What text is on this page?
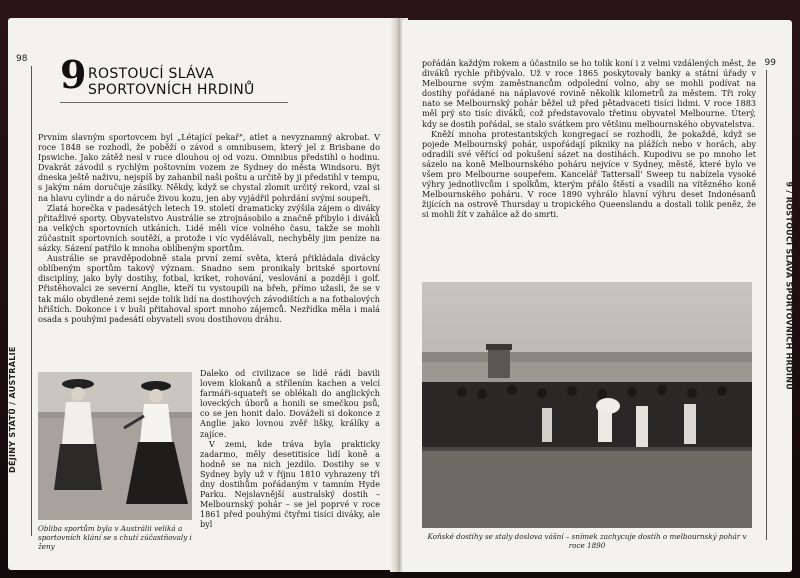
98
DĚJINY STÁTŮ / AUSTRÁLIE
9 ROSTOUCÍ SLÁVA
SPORTOVNÍCH HRDINŮ

Prvním slavným sportovcem byl „Létající pekař", atlet a nevyznamný akrobat. V roce 1848 se rozhodl, že poběží o závod s omnibusem, který jel z Brisbane do Ipswiche. Jako zátěž nesl v ruce dlouhou oj od vozu. Omnibus předstihl o hodinu. Dvakrát závodil s rychlým poštovním vozem ze Sydney do města Windsoru. Být dneska ještě naživu, nejspíš by zahanbil naši poštu a určitě by ji předstihl v tempu, s jakým nám doručuje zásilky. Někdy, když se chystal zlomit určitý rekord, vzal si na hlavu cylindr a do náruče živou kozu, jen aby vyjádřil pohrdání svými soupeři.

Zlatá horečka v padesátých letech 19. století dramaticky zvýšila zájem o diváky přitažlivé sporty. Obyvatelstvo Austrálie se ztrojnásobilo a značně přibylo i diváků na velkých sportovních utkáních. Lidé měli více volného času, takže se mohli zúčastnit sportovních soutěží, a protože i víc vydělávali, nechyběly jim peníze na sázky. Sázení patřilo k mnoha oblíbeným sportům.

Austrálie se pravděpodobně stala první zemí světa, která přikládala divácky oblíbeným sportům takový význam. Snadno sem pronikaly britské sportovní disciplíny, jako byly dostihy, fotbal, kriket, rohování, veslování a později i golf. Přistěhovalci ze severní Anglie, kteří tu vystoupili na břeh, přímo užasli, že se v tak málo obydlené zemi sejde tolik lidí na dostihových závodištích a na fotbalových hřištích. Dokonce i v buši přitahoval sport mnoho zájemců. Nezřídka měla i malá osada s pouhými padesáti obyvateli svou dostihovou dráhu.

Obliba sportům byla v Austrálii veliká a sportovních klání se s chutí zúčastňovaly i ženy

Daleko od civilizace se lidé rádi bavili lovem klokanů a střílením kachen a velcí farmáři-squateři se oblékali do anglických loveckých úborů a honili se smečkou psů, co se jen honit dalo. Dováželi si dokonce z Anglie jako lovnou zvěř lišky, králíky a zajíce.

V zemi, kde tráva byla prakticky zadarmo, měly desetitisíce lidí koně a hodně se na nich jezdilo. Dostihy se v Sydney byly už v říjnu 1810 vyhrazeny tři dny dostihům pořádaným v tamním Hyde Parku. Nejslavnější australský dostih – Melbournský pohár – se jel poprvé v roce 1861 před pouhými čtyřmi tisíci diváky, ale byl

99
9 / ROSTOUCÍ SLÁVA SPORTOVNÍCH HRDINŮ

pořádán každým rokem a účastnilo se ho tolik koní i z velmi vzdálených měst, že diváků rychle přibývalo. Už v roce 1865 poskytovaly banky a státní úřady v Melbourne svým zaměstnancům odpolední volno, aby se mohli podívat na dostihy pořádané na náplavové rovině několik kilometrů za městem. Tři roky nato se Melbournský pohár běžel už před pětadvaceti tisíci lidmi. V roce 1883 měl prý sto tisíc diváků, což představovalo třetinu obyvatel Melbourne. Úterý, kdy se dostih pořádal, se stalo svátkem pro většinu melbournského obyvatelstva.

Kněží mnoha protestantských kongregací se rozhodli, že pokaždé, když se pojede Melbournský pohár, uspořádají pikniky na plážích nebo v horách, aby odradili své věřící od pokušení sázet na dostihách. Kupodivu se po mnoho let sázelo na koně Melbournského poháru nejvíce v Sydney, městě, které bylo ve všem pro Melbourne soupeřem. Kancelář Tattersall' Sweep tu nabízela vysoké výhry jednotlivcům i spolkům, kterým přálo štěstí a vsadili na vítězného koně Melbournského poháru. V roce 1890 vyhrálo hlavní výhru deset Indonésanů žijících na ostrově Thursday u tropického Queenslandu a dostali tolik peněz, že si mohli žít v zahálce až do smrti.

Koňské dostihy se staly doslova vášní – snímek zachycuje dostih o melbournský pohár v roce 1890
